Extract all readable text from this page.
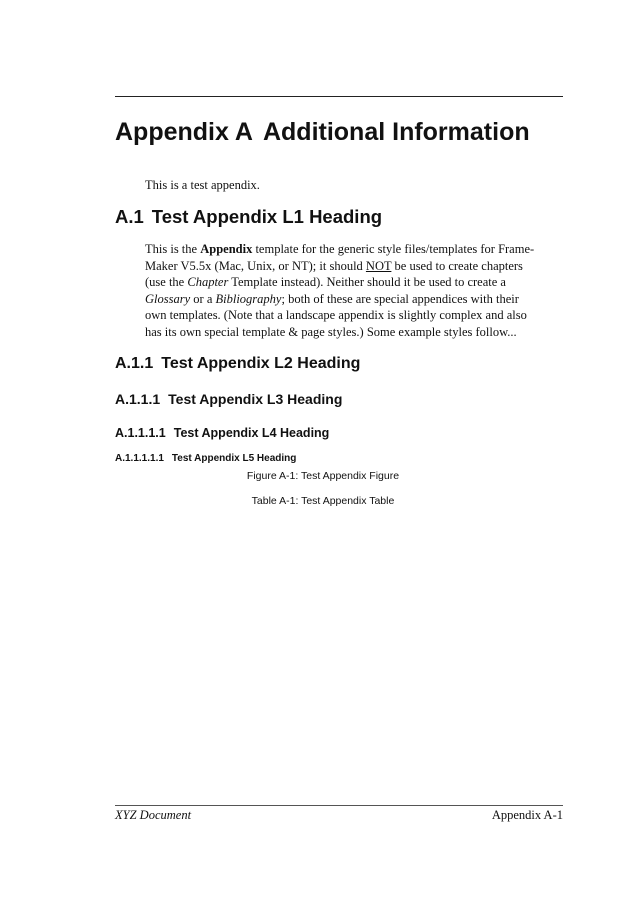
Appendix A Additional Information
This is a test appendix.
A.1 Test Appendix L1 Heading
This is the Appendix template for the generic style files/templates for Frame-Maker V5.5x (Mac, Unix, or NT); it should NOT be used to create chapters (use the Chapter Template instead). Neither should it be used to create a Glossary or a Bibliography; both of these are special appendices with their own templates. (Note that a landscape appendix is slightly complex and also has its own special template & page styles.) Some example styles follow...
A.1.1 Test Appendix L2 Heading
A.1.1.1 Test Appendix L3 Heading
A.1.1.1.1 Test Appendix L4 Heading
A.1.1.1.1.1 Test Appendix L5 Heading
Figure A-1: Test Appendix Figure
Table A-1: Test Appendix Table
XYZ Document	Appendix A-1
